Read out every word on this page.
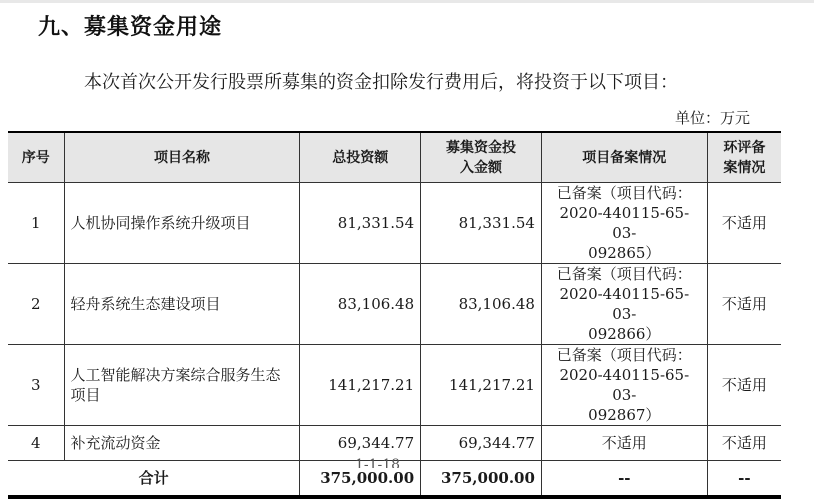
九、募集资金用途
本次首次公开发行股票所募集的资金扣除发行费用后，将投资于以下项目：
单位：万元
序号	项目名称	总投资额	募集资金投
入金额	项目备案情况	环评备
案情况

1	人机协同操作系统升级项目	81,331.54	81,331.54	已备案（项目代码：
2020-440115-65-03-
092865）	不适用
2	轻舟系统生态建设项目	83,106.48	83,106.48	已备案（项目代码：
2020-440115-65-03-
092866）	不适用
3	人工智能解决方案综合服务生态项目	141,217.21	141,217.21	已备案（项目代码：
2020-440115-65-03-
092867）	不适用
4	补充流动资金	69,344.77	69,344.77	不适用	不适用
合计		375,000.00	375,000.00	--	--
1-1-18
